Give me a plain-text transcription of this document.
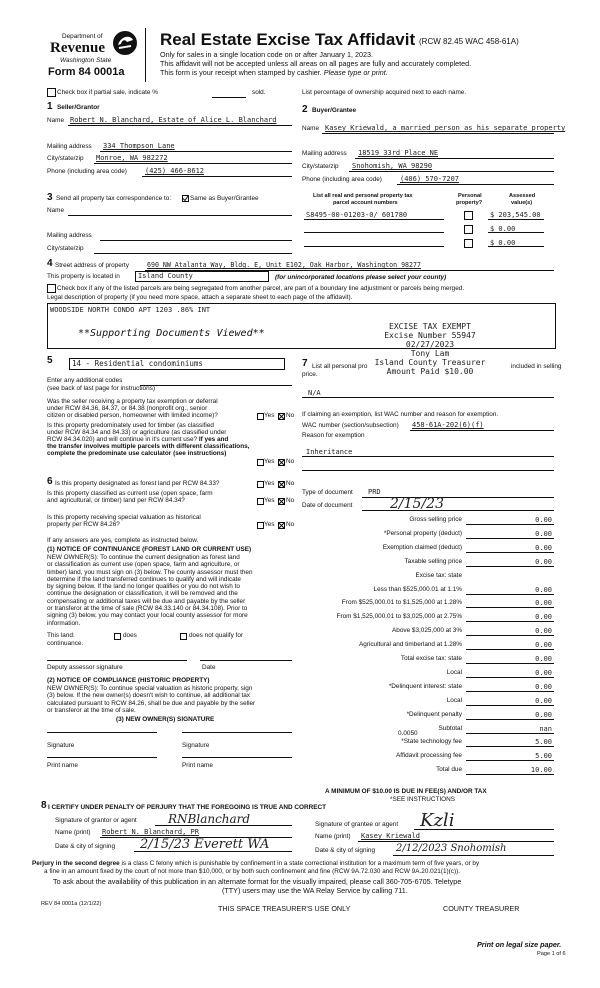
Department of
Revenue
Washington State
Form 84 0001a
Real Estate Excise Tax Affidavit (RCW 82.45 WAC 458-61A)
Only for sales in a single location code on or after January 1, 2023.
This affidavit will not be accepted unless all areas on all pages are fully and accurately completed.
This form is your receipt when stamped by cashier. Please type or print.
Check box if partial sale, indicate %	sold.	List percentage of ownership acquired next to each name.
1 Seller/Grantor
Name Robert N. Blanchard, Estate of Alice L. Blanchard
Mailing address 334 Thompson Lane
City/state/zip Monroe, WA 982272
Phone (including area code)	(425) 466-8612
2 Buyer/Grantee
Name Kasey Kriewald, a married person as his separate property
Mailing address 18519 33rd Place NE
City/state/zip Snohomish, WA 98290
Phone (including area code)	(406) 570-7207
3 Send all property tax correspondence to:	Same as Buyer/Grantee
Name
Mailing address
City/state/zip
List all real and personal property tax
parcel account numbers
Personal
property?
Assessed
value(s)
S8495-00-01203-0/ 601780	$ 203,545.00
$ 0.00
$ 0.00
4 Street address of property	690 NW Atalanta Way, Bldg. E, Unit E102, Oak Harbor, Washington 98277
This property is located in	Island County	(for unincorporated locations please select your county)
Check box if any of the listed parcels are being segregated from another parcel, are part of a boundary line adjustment or parcels being merged.
Legal description of property (if you need more space, attach a separate sheet to each page of the affidavit).
WOODSIDE NORTH CONDO APT 1203 .86% INT
**Supporting Documents Viewed**
EXCISE TAX EXEMPT
Excise Number 55947
02/27/2023
Tony Lam
Island County Treasurer
Amount Paid $10.00
5	14 - Residential condominiums
Enter any additional codes
(see back of last page for instructions)
Was the seller receiving a property tax exemption or deferral
under RCW 84.36, 84.37, or 84.38 (nonprofit org., senior
citizen or disabled person, homeowner with limited income)?	Yes No
Is this property predominately used for timber (as classified
under RCW 84.34 and 84.33) or agriculture (as classified under
RCW 84.34.020) and will continue in it's current use? If yes and
the transfer involves multiple parcels with different classifications,
complete the predominate use calculator (see instructions)
Yes No
6 Is this property designated as forest land per RCW 84.33?	Yes No
Is this property classified as current use (open space, farm
and agricultural, or timber) land per RCW 84.34?	Yes No
Is this property receiving special valuation as historical
property per RCW 84.26?	Yes No
If any answers are yes, complete as instructed below.
(1) NOTICE OF CONTINUANCE (FOREST LAND OR CURRENT USE)
NEW OWNER(S): To continue the current designation as forest land
or classification as current use (open space, farm and agriculture, or
timber) land, you must sign on (3) below. The county assessor must then
determine if the land transferred continues to qualify and will indicate
by signing below. If the land no longer qualifies or you do not wish to
continue the designation or classification, it will be removed and the
compensating or additional taxes will be due and payable by the seller
or transferor at the time of sale (RCW 84.33.140 or 84.34.108). Prior to
signing (3) below, you may contact your local county assessor for more
information.
This land:	does	does not qualify for
continuance.
Deputy assessor signature	Date
(2) NOTICE OF COMPLIANCE (HISTORIC PROPERTY)
NEW OWNER(S): To continue special valuation as historic property, sign
(3) below. If the new owner(s) doesn't wish to continue, all additional tax
calculated pursuant to RCW 84.26, shall be due and payable by the seller
or transferor at the time of sale.
(3) NEW OWNER(S) SIGNATURE
Signature	Signature
Print name	Print name
7 List all personal pro
price.
included in selling
N/A
If claiming an exemption, list WAC number and reason for exemption.
WAC number (section/subsection) 458-61A-202(6)(f)
Reason for exemption
Inheritance
Type of document PRD
Date of document	2/15/23
Gross selling price	0.00
*Personal property (deduct)	0.00
Exemption claimed (deduct)	0.00
Taxable selling price	0.00
Excise tax: state
Less than $525,000.01 at 1.1%	0.00
From $525,000.01 to $1,525,000 at 1.28%	0.00
From $1,525,000.01 to $3,025,000 at 2.75%	0.00
Above $3,025,000 at 3%	0.00
Agricultural and timberland at 1.28%	0.00
Total excise tax: state	0.00
Local	0.00
*Delinquent interest: state	0.00
Local	0.00
*Delinquent penalty	0.00
Subtotal	nan
*State technology fee	5.00
Affidavit processing fee	5.00
Total due	10.00
0.0050
A MINIMUM OF $10.00 IS DUE IN FEE(S) AND/OR TAX
*SEE INSTRUCTIONS
8 I CERTIFY UNDER PENALTY OF PERJURY THAT THE FOREGOING IS TRUE AND CORRECT
Signature of grantor or agent	RNBlanchard
Name (print) Robert N. Blanchard, PR
Date & city of signing 2/15/23 Everett WA
Signature of grantee or agent Kzli
Name (print) Kasey Kriewald
Date & city of signing 2/12/2023 Snohomish
Perjury in the second degree is a class C felony which is punishable by confinement in a state correctional institution for a maximum term of five years, or by
a fine in an amount fixed by the court of not more than $10,000, or by both such confinement and fine (RCW 9A.72.030 and RCW 9A.20.021(1)(c)).
To ask about the availability of this publication in an alternate format for the visually impaired, please call 360-705-6705. Teletype
(TTY) users may use the WA Relay Service by calling 711.
REV 84 0001a (12/1/22)	THIS SPACE TREASURER'S USE ONLY	COUNTY TREASURER
Print on legal size paper.
Page 1 of 6
